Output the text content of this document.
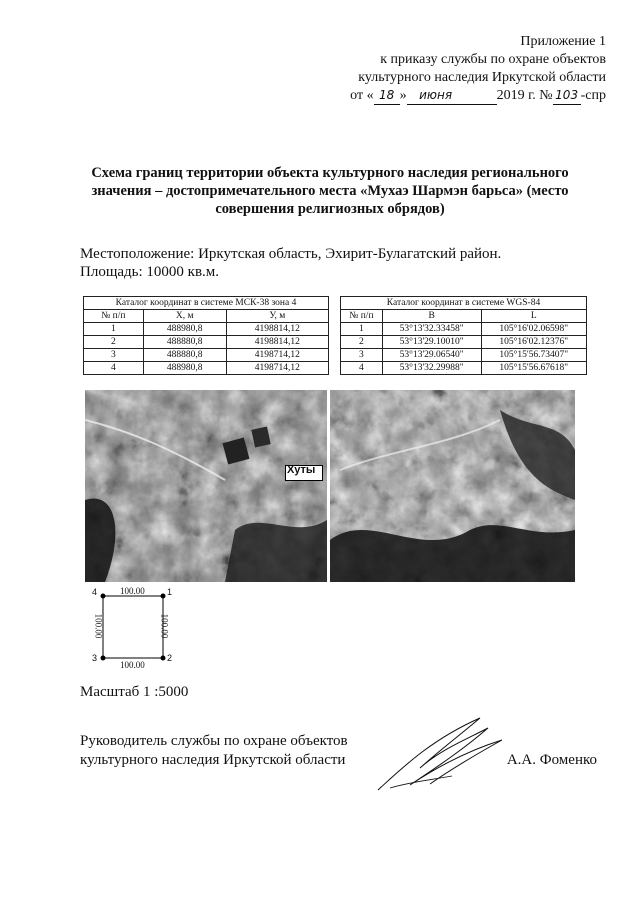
Приложение 1
к приказу службы по охране объектов
культурного наследия Иркутской области
от « 18 » июня	2019 г. № 103 -спр
Схема границ территории объекта культурного наследия регионального
значения – достопримечательного места «Мухаэ Шармэн барьса» (место
совершения религиозных обрядов)
Местоположение: Иркутская область, Эхирит-Булагатский район.
Площадь: 10000 кв.м.
Каталог координат в системе МСК-38 зона 4		
№ п/п	X, м	У, м
1	488980,8	4198814,12
2	488880,8	4198814,12
3	488880,8	4198714,12
4	488980,8	4198714,12
Каталог координат в системе WGS-84		
№ п/п	B	L
1	53°13'32.33458"	105°16'02.06598"
2	53°13'29.10010"	105°16'02.12376"
3	53°13'29.06540"	105°15'56.73407"
4	53°13'32.29988"	105°15'56.67618"
Хуты
4	1
2
3
100.00
100.00
100.00	100.00
Масштаб 1 :5000
Руководитель службы по охране объектов
культурного наследия Иркутской области	А.А. Фоменко
